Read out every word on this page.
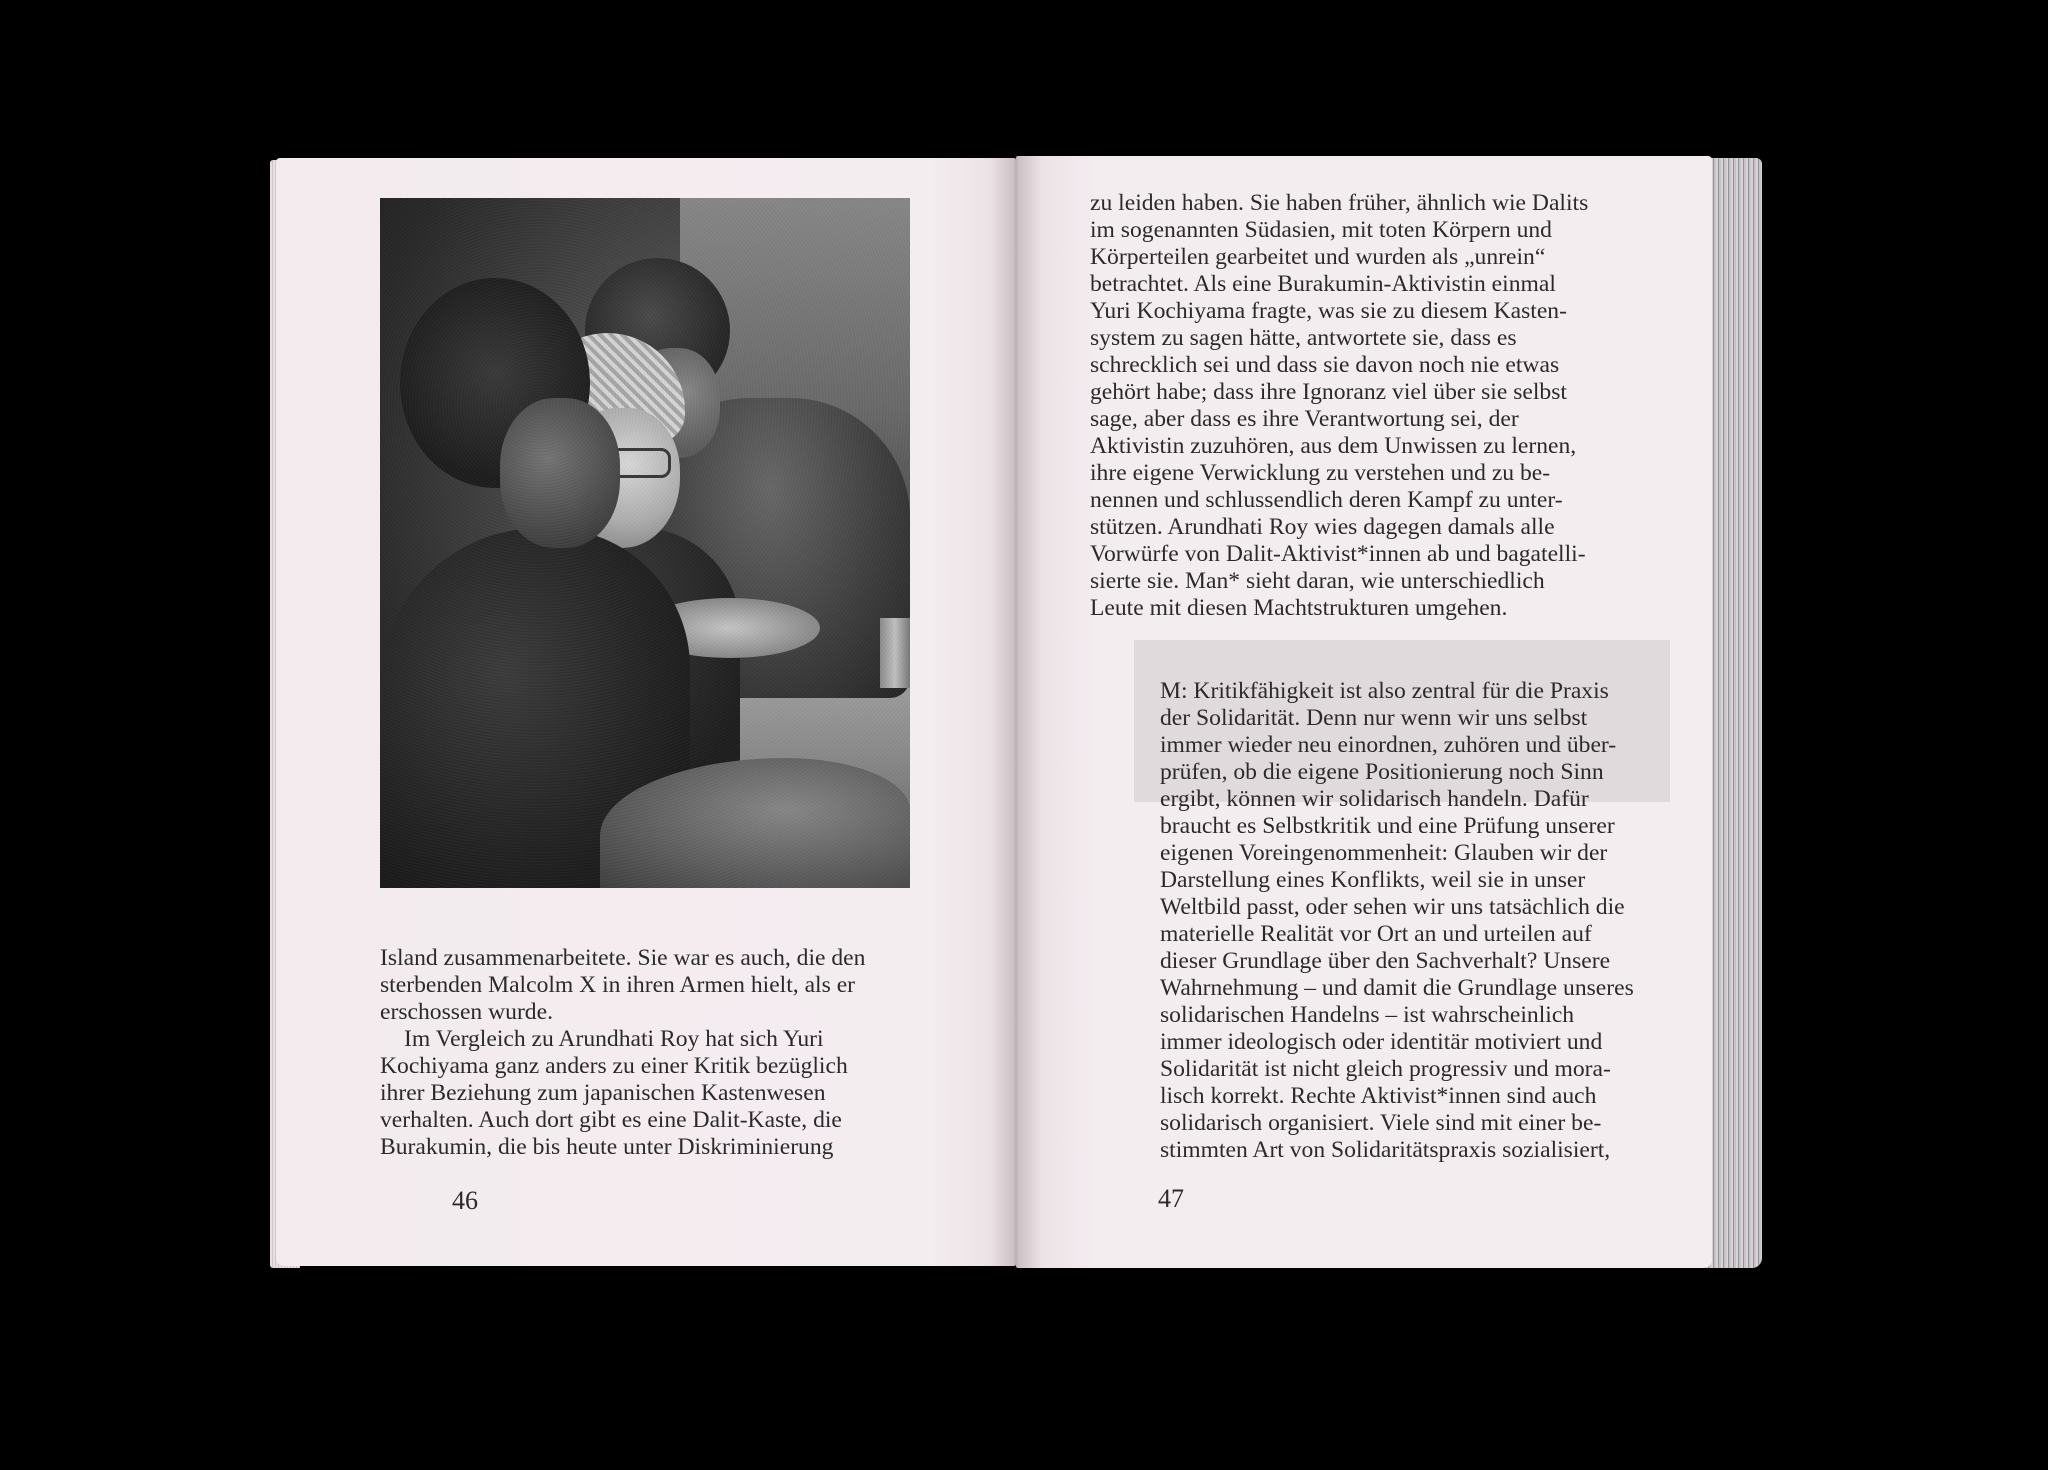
Island zusammenarbeitete. Sie war es auch, die den
sterbenden Malcolm X in ihren Armen hielt, als er
erschossen wurde.
Im Vergleich zu Arundhati Roy hat sich Yuri
Kochiyama ganz anders zu einer Kritik bezüglich
ihrer Beziehung zum japanischen Kastenwesen
verhalten. Auch dort gibt es eine Dalit-Kaste, die
Burakumin, die bis heute unter Diskriminierung
46
zu leiden haben. Sie haben früher, ähnlich wie Dalits
im sogenannten Südasien, mit toten Körpern und
Körperteilen gearbeitet und wurden als „unrein“
betrachtet. Als eine Burakumin-Aktivistin einmal
Yuri Kochiyama fragte, was sie zu diesem Kasten-
system zu sagen hätte, antwortete sie, dass es
schrecklich sei und dass sie davon noch nie etwas
gehört habe; dass ihre Ignoranz viel über sie selbst
sage, aber dass es ihre Verantwortung sei, der
Aktivistin zuzuhören, aus dem Unwissen zu lernen,
ihre eigene Verwicklung zu verstehen und zu be-
nennen und schlussendlich deren Kampf zu unter-
stützen. Arundhati Roy wies dagegen damals alle
Vorwürfe von Dalit-Aktivist*innen ab und bagatelli-
sierte sie. Man* sieht daran, wie unterschiedlich
Leute mit diesen Machtstrukturen umgehen.
M: Kritikfähigkeit ist also zentral für die Praxis
der Solidarität. Denn nur wenn wir uns selbst
immer wieder neu einordnen, zuhören und über-
prüfen, ob die eigene Positionierung noch Sinn
ergibt, können wir solidarisch handeln. Dafür
braucht es Selbstkritik und eine Prüfung unserer
eigenen Voreingenommenheit: Glauben wir der
Darstellung eines Konflikts, weil sie in unser
Weltbild passt, oder sehen wir uns tatsächlich die
materielle Realität vor Ort an und urteilen auf
dieser Grundlage über den Sachverhalt? Unsere
Wahrnehmung – und damit die Grundlage unseres
solidarischen Handelns – ist wahrscheinlich
immer ideologisch oder identitär motiviert und
Solidarität ist nicht gleich progressiv und mora-
lisch korrekt. Rechte Aktivist*innen sind auch
solidarisch organisiert. Viele sind mit einer be-
stimmten Art von Solidaritätspraxis sozialisiert,
47
